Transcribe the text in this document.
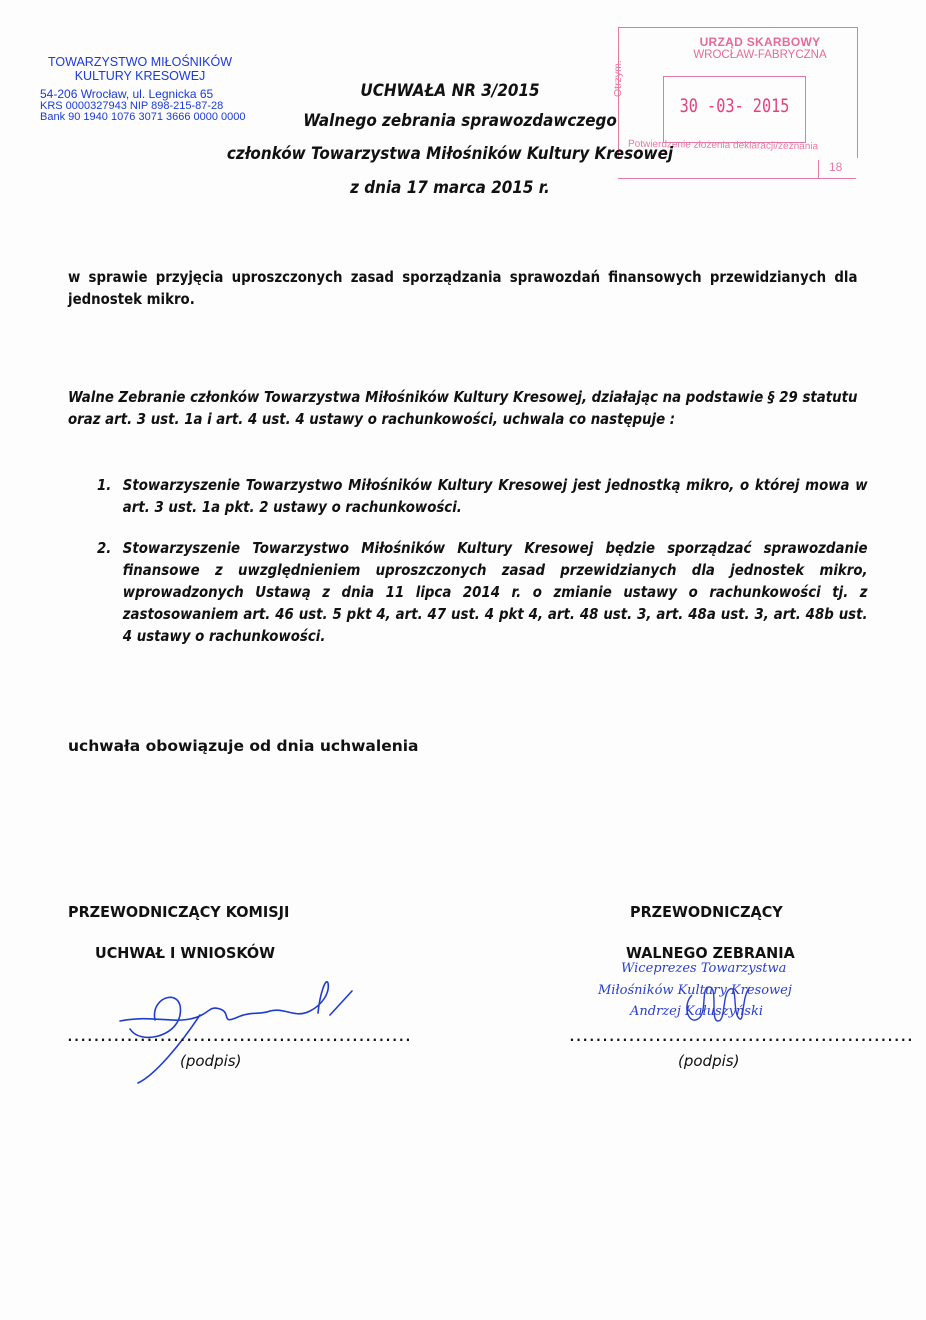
TOWARZYSTWO MIŁOŚNIKÓW
KULTURY KRESOWEJ
54-206 Wrocław, ul. Legnicka 65
KRS 0000327943 NIP 898-215-87-28
Bank 90 1940 1076 3071 3666 0000 0000
URZĄD SKARBOWY
WROCŁAW-FABRYCZNA
Otrzym.
30 -03- 2015
Potwierdzenie złożenia deklaracji/zeznania
18
UCHWAŁA NR 3/2015
Walnego zebrania sprawozdawczego
członków Towarzystwa Miłośników Kultury Kresowej
z dnia 17 marca 2015 r.
w sprawie przyjęcia uproszczonych zasad sporządzania sprawozdań finansowych przewidzianych dla jednostek mikro.
Walne Zebranie członków Towarzystwa Miłośników Kultury Kresowej, działając na podstawie § 29 statutu oraz art. 3 ust. 1a i art. 4 ust. 4 ustawy o rachunkowości, uchwala co następuje :
1. Stowarzyszenie Towarzystwo Miłośników Kultury Kresowej jest jednostką mikro, o której mowa w art. 3 ust. 1a pkt. 2 ustawy o rachunkowości.
2. Stowarzyszenie Towarzystwo Miłośników Kultury Kresowej będzie sporządzać sprawozdanie finansowe z uwzględnieniem uproszczonych zasad przewidzianych dla jednostek mikro, wprowadzonych Ustawą z dnia 11 lipca 2014 r. o zmianie ustawy o rachunkowości tj. z zastosowaniem art. 46 ust. 5 pkt 4, art. 47 ust. 4 pkt 4, art. 48 ust. 3, art. 48a ust. 3, art. 48b ust. 4 ustawy o rachunkowości.
uchwała obowiązuje od dnia uchwalenia
PRZEWODNICZĄCY KOMISJI
UCHWAŁ I WNIOSKÓW
....................................................
(podpis)
PRZEWODNICZĄCY
WALNEGO ZEBRANIA
Wiceprezes Towarzystwa
Miłośników Kultury Kresowej
Andrzej Kałuszyński
....................................................
(podpis)
